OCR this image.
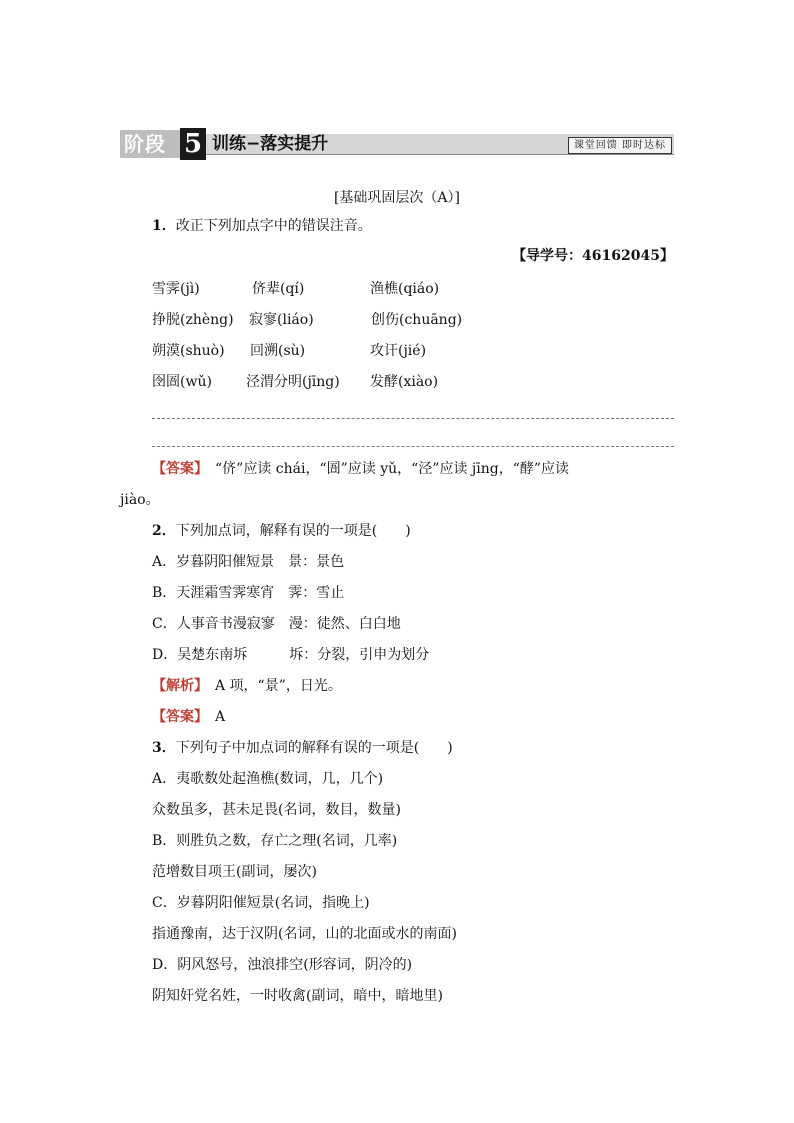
阶段 5 训练−落实提升	课堂回馈 即时达标
[基础巩固层次（A）]
1．改正下列加点字中的错误注音。
【导学号：46162045】
雪霁(jì)	侪辈(qí)	渔樵(qiáo)
挣脱(zhèng) 寂寥(liáo)	创伤(chuāng)
朔漠(shuò) 回溯(sù)	攻讦(jié)
囹圄(wǔ) 泾渭分明(jīng) 发酵(xiào)
【答案】　 “侪”应读 chái，“圄”应读 yǔ，“泾”应读 jīng，“酵”应读
jiào。
2．下列加点词，解释有误的一项是(　　)
A．岁暮阴阳催短景　景：景色
B．天涯霜雪霁寒宵　霁：雪止
C．人事音书漫寂寥　漫：徒然、白白地
D．吴楚东南坼　　　坼：分裂，引申为划分
【解析】　 A 项，“景”，日光。
【答案】　 A
3．下列句子中加点词的解释有误的一项是(　　)
A．夷歌数处起渔樵(数词，几，几个)
众数虽多，甚未足畏(名词，数目，数量)
B．则胜负之数，存亡之理(名词，几率)
范增数目项王(副词，屡次)
C．岁暮阴阳催短景(名词，指晚上)
指通豫南，达于汉阴(名词，山的北面或水的南面)
D．阴风怒号，浊浪排空(形容词，阴冷的)
阴知奸党名姓，一时收禽(副词，暗中，暗地里)
